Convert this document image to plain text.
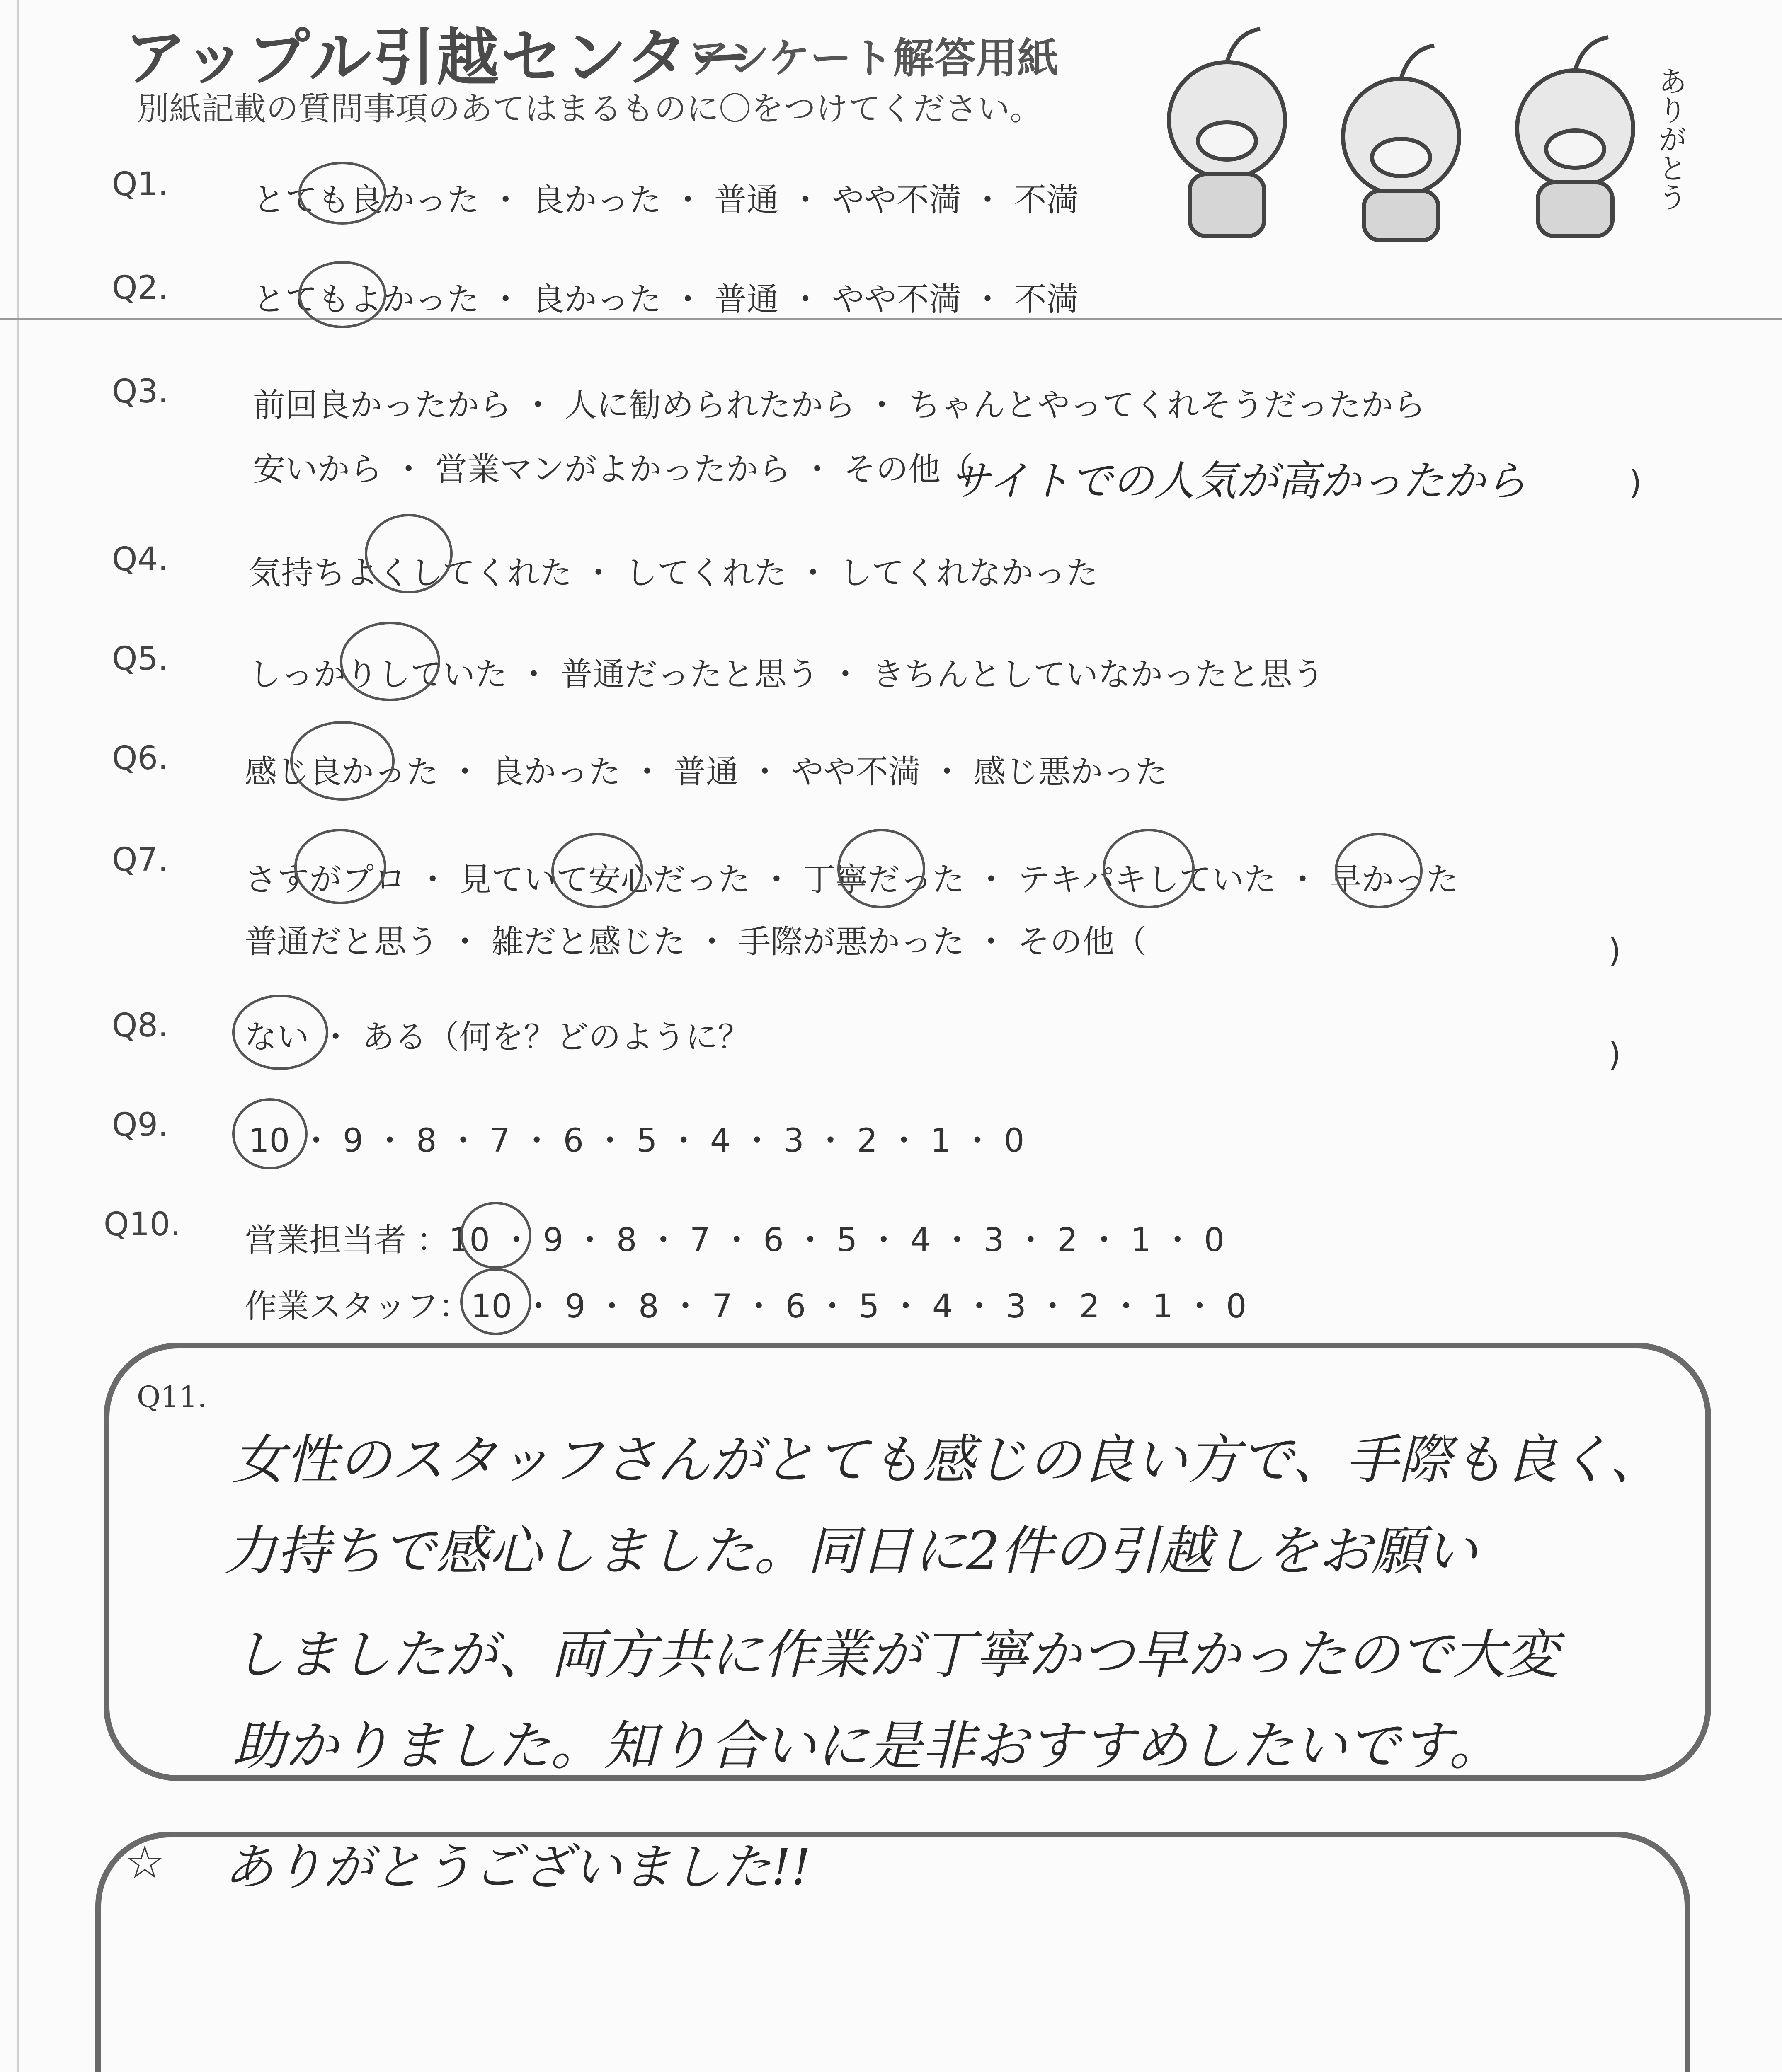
アップル引越センター
アンケート解答用紙
別紙記載の質問事項のあてはまるものに〇をつけてください。	ありがとう
Q1.	とても良かった ・ 良かった ・ 普通 ・ やや不満 ・ 不満
Q2.	とてもよかった ・ 良かった ・ 普通 ・ やや不満 ・ 不満
Q3.	前回良かったから ・ 人に勧められたから ・ ちゃんとやってくれそうだったから
安いから ・ 営業マンがよかったから ・ その他（	)
サイトでの人気が高かったから
Q4. 気持ちよくしてくれた ・ してくれた ・ してくれなかった
Q5. しっかりしていた ・ 普通だったと思う ・ きちんとしていなかったと思う
Q6. 感じ良かった ・ 良かった ・ 普通 ・ やや不満 ・ 感じ悪かった
Q7.
さすがプロ ・ 見ていて安心だった ・ 丁寧だった ・ テキパキしていた ・ 早かった
普通だと思う ・ 雑だと感じた ・ 手際が悪かった ・ その他（	)
Q8. ない ・ ある（何を？どのように？	)
Q9. 10 ・ 9 ・ 8 ・ 7 ・ 6 ・ 5 ・ 4 ・ 3 ・ 2 ・ 1 ・ 0
Q10. 営業担当者 ：10 ・ 9 ・ 8 ・ 7 ・ 6 ・ 5 ・ 4 ・ 3 ・ 2 ・ 1 ・ 0
作業スタッフ：10 ・ 9 ・ 8 ・ 7 ・ 6 ・ 5 ・ 4 ・ 3 ・ 2 ・ 1 ・ 0
Q11.
女性のスタッフさんがとても感じの良い方で、手際も良く、
力持ちで感心しました。同日に2件の引越しをお願い
しましたが、両方共に作業が丁寧かつ早かったので大変
助かりました。知り合いに是非おすすめしたいです。
☆ ありがとうございました!!
